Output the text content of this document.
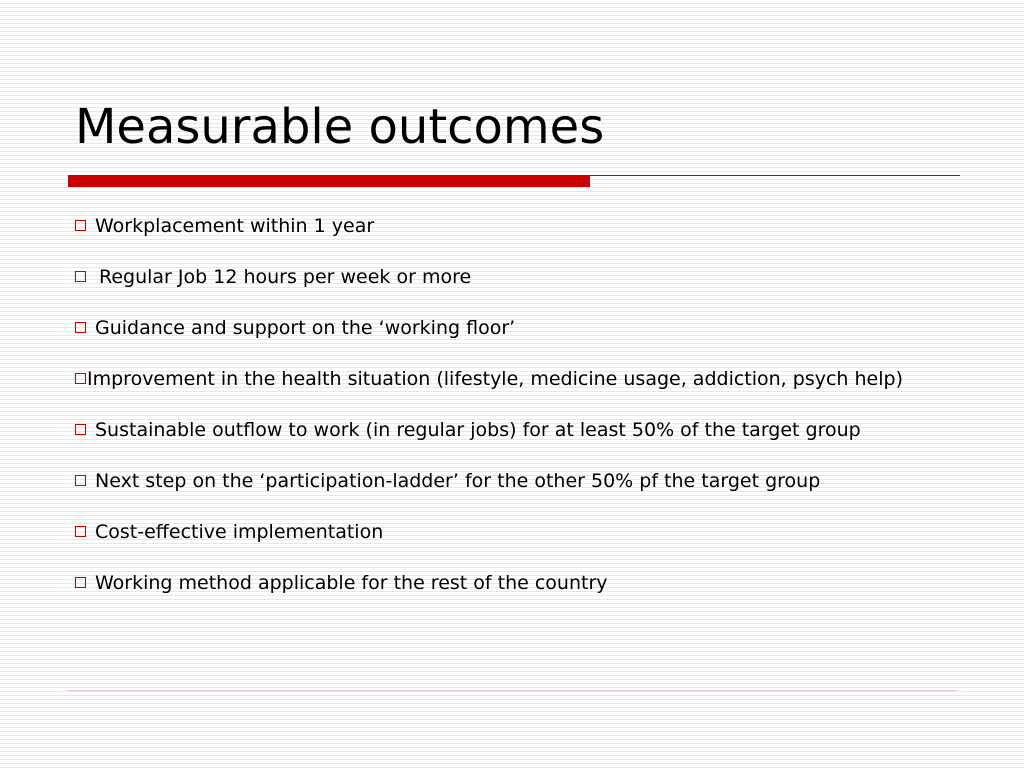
Measurable outcomes
Workplacement within 1 year
Regular Job 12 hours per week or more
Guidance and support on the ‘working floor’
Improvement in the health situation (lifestyle, medicine usage, addiction, psych help)
Sustainable outflow to work (in regular jobs) for at least 50% of the target group
Next step on the ‘participation-ladder’ for the other 50% pf the target group
Cost-effective implementation
Working method applicable for the rest of the country
